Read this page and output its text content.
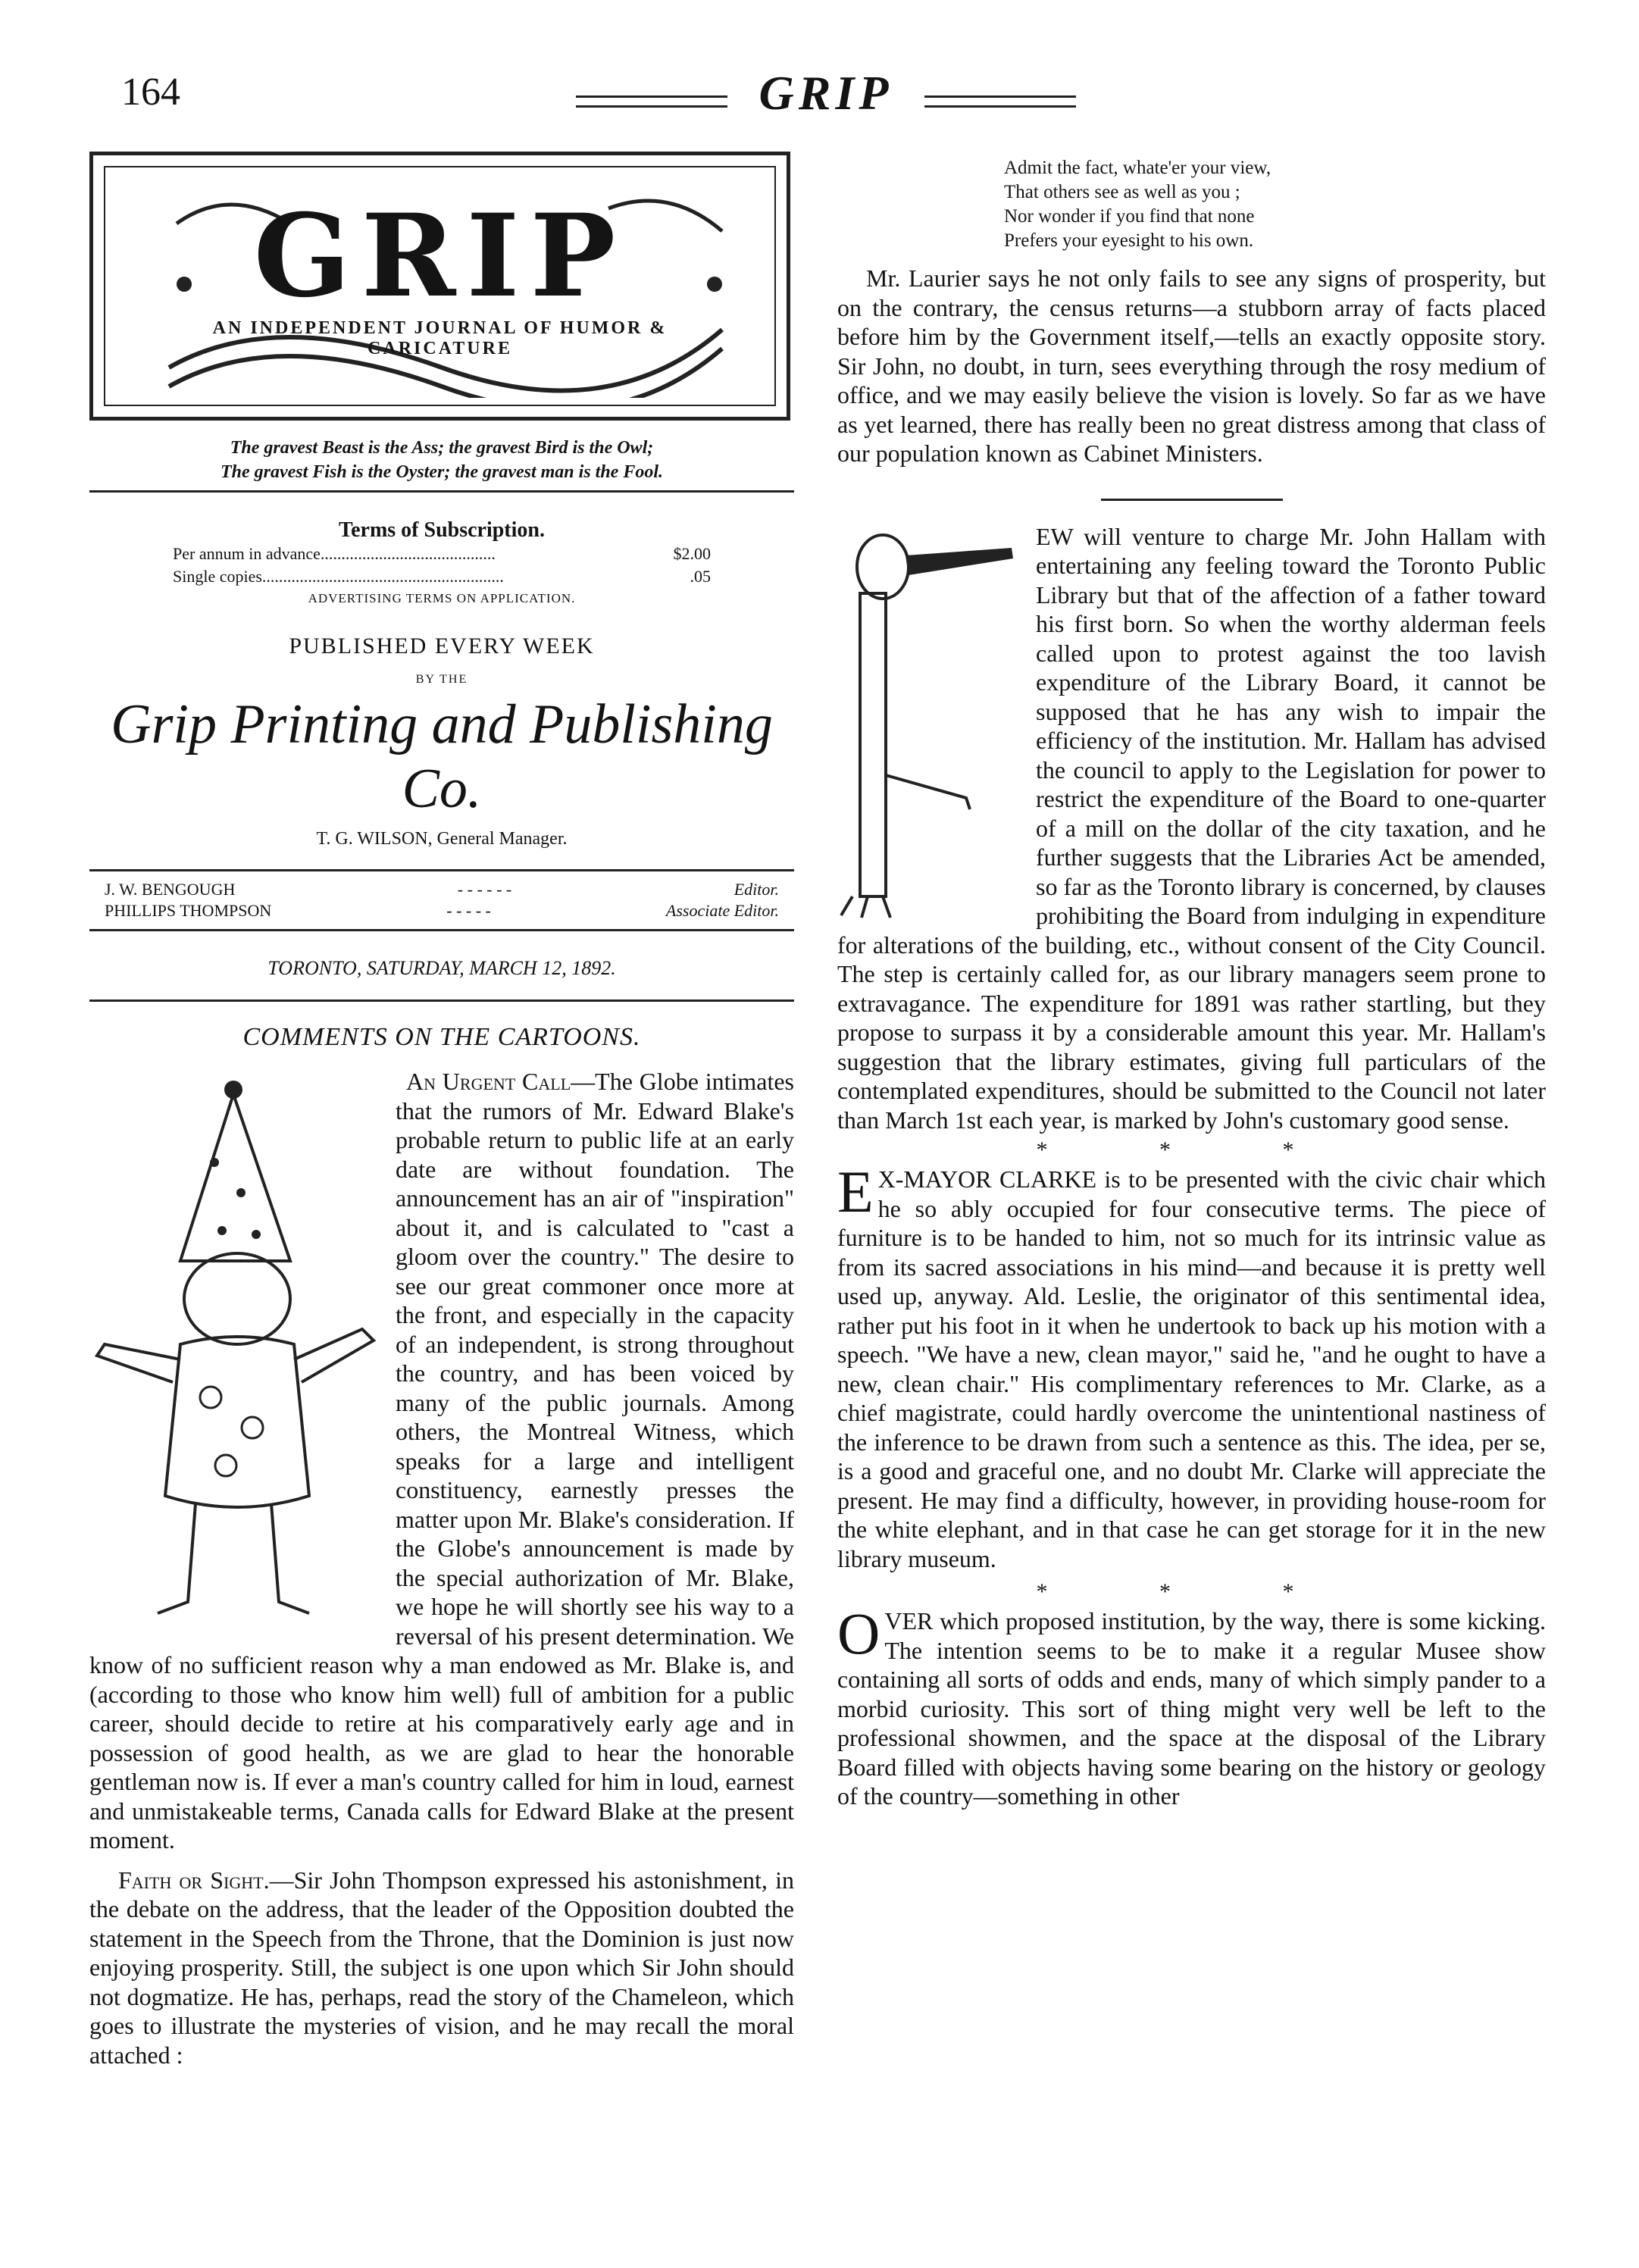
164	GRIP
GRIP
AN INDEPENDENT JOURNAL OF HUMOR & CARICATURE
The gravest Beast is the Ass; the gravest Bird is the Owl;
The gravest Fish is the Oyster; the gravest man is the Fool.
Terms of Subscription.
Per annum in advance..........................................	$2.00
Single copies..........................................................	.05
ADVERTISING TERMS ON APPLICATION.
PUBLISHED EVERY WEEK
BY THE
Grip Printing and Publishing Co.
T. G. WILSON, General Manager.
J. W. BENGOUGH	- - - - - -	Editor.
PHILLIPS THOMPSON	- - - - -	Associate Editor.
TORONTO, SATURDAY, MARCH 12, 1892.
COMMENTS ON THE CARTOONS.

An Urgent Call—The Globe intimates that the rumors of Mr. Edward Blake's probable return to public life at an early date are without foundation. The announcement has an air of "inspiration" about it, and is calculated to "cast a gloom over the country." The desire to see our great commoner once more at the front, and especially in the capacity of an independent, is strong throughout the country, and has been voiced by many of the public journals. Among others, the Montreal Witness, which speaks for a large and intelligent constituency, earnestly presses the matter upon Mr. Blake's consideration. If the Globe's announcement is made by the special authorization of Mr. Blake, we hope he will shortly see his way to a reversal of his present determination. We know of no sufficient reason why a man endowed as Mr. Blake is, and (according to those who know him well) full of ambition for a public career, should decide to retire at his comparatively early age and in possession of good health, as we are glad to hear the honorable gentleman now is. If ever a man's country called for him in loud, earnest and unmistakeable terms, Canada calls for Edward Blake at the present moment.

Faith or Sight.—Sir John Thompson expressed his astonishment, in the debate on the address, that the leader of the Opposition doubted the statement in the Speech from the Throne, that the Dominion is just now enjoying prosperity. Still, the subject is one upon which Sir John should not dogmatize. He has, perhaps, read the story of the Chameleon, which goes to illustrate the mysteries of vision, and he may recall the moral attached :

Admit the fact, whate'er your view,
That others see as well as you ;
Nor wonder if you find that none
Prefers your eyesight to his own.

Mr. Laurier says he not only fails to see any signs of prosperity, but on the contrary, the census returns—a stubborn array of facts placed before him by the Government itself,—tells an exactly opposite story. Sir John, no doubt, in turn, sees everything through the rosy medium of office, and we may easily believe the vision is lovely. So far as we have as yet learned, there has really been no great distress among that class of our population known as Cabinet Ministers.

EW will venture to charge Mr. John Hallam with entertaining any feeling toward the Toronto Public Library but that of the affection of a father toward his first born. So when the worthy alderman feels called upon to protest against the too lavish expenditure of the Library Board, it cannot be supposed that he has any wish to impair the efficiency of the institution. Mr. Hallam has advised the council to apply to the Legislation for power to restrict the expenditure of the Board to one-quarter of a mill on the dollar of the city taxation, and he further suggests that the Libraries Act be amended, so far as the Toronto library is concerned, by clauses prohibiting the Board from indulging in expenditure for alterations of the building, etc., without consent of the City Council. The step is certainly called for, as our library managers seem prone to extravagance. The expenditure for 1891 was rather startling, but they propose to surpass it by a considerable amount this year. Mr. Hallam's suggestion that the library estimates, giving full particulars of the contemplated expenditures, should be submitted to the Council not later than March 1st each year, is marked by John's customary good sense.

* * *

E X-MAYOR CLARKE is to be presented with the civic chair which he so ably occupied for four consecutive terms. The piece of furniture is to be handed to him, not so much for its intrinsic value as from its sacred associations in his mind—and because it is pretty well used up, anyway. Ald. Leslie, the originator of this sentimental idea, rather put his foot in it when he undertook to back up his motion with a speech. "We have a new, clean mayor," said he, "and he ought to have a new, clean chair." His complimentary references to Mr. Clarke, as a chief magistrate, could hardly overcome the unintentional nastiness of the inference to be drawn from such a sentence as this. The idea, per se, is a good and graceful one, and no doubt Mr. Clarke will appreciate the present. He may find a difficulty, however, in providing house-room for the white elephant, and in that case he can get storage for it in the new library museum.

* * *

OVER which proposed institution, by the way, there is some kicking. The intention seems to be to make it a regular Musee show containing all sorts of odds and ends, many of which simply pander to a morbid curiosity. This sort of thing might very well be left to the professional showmen, and the space at the disposal of the Library Board filled with objects having some bearing on the history or geology of the country—something in other
